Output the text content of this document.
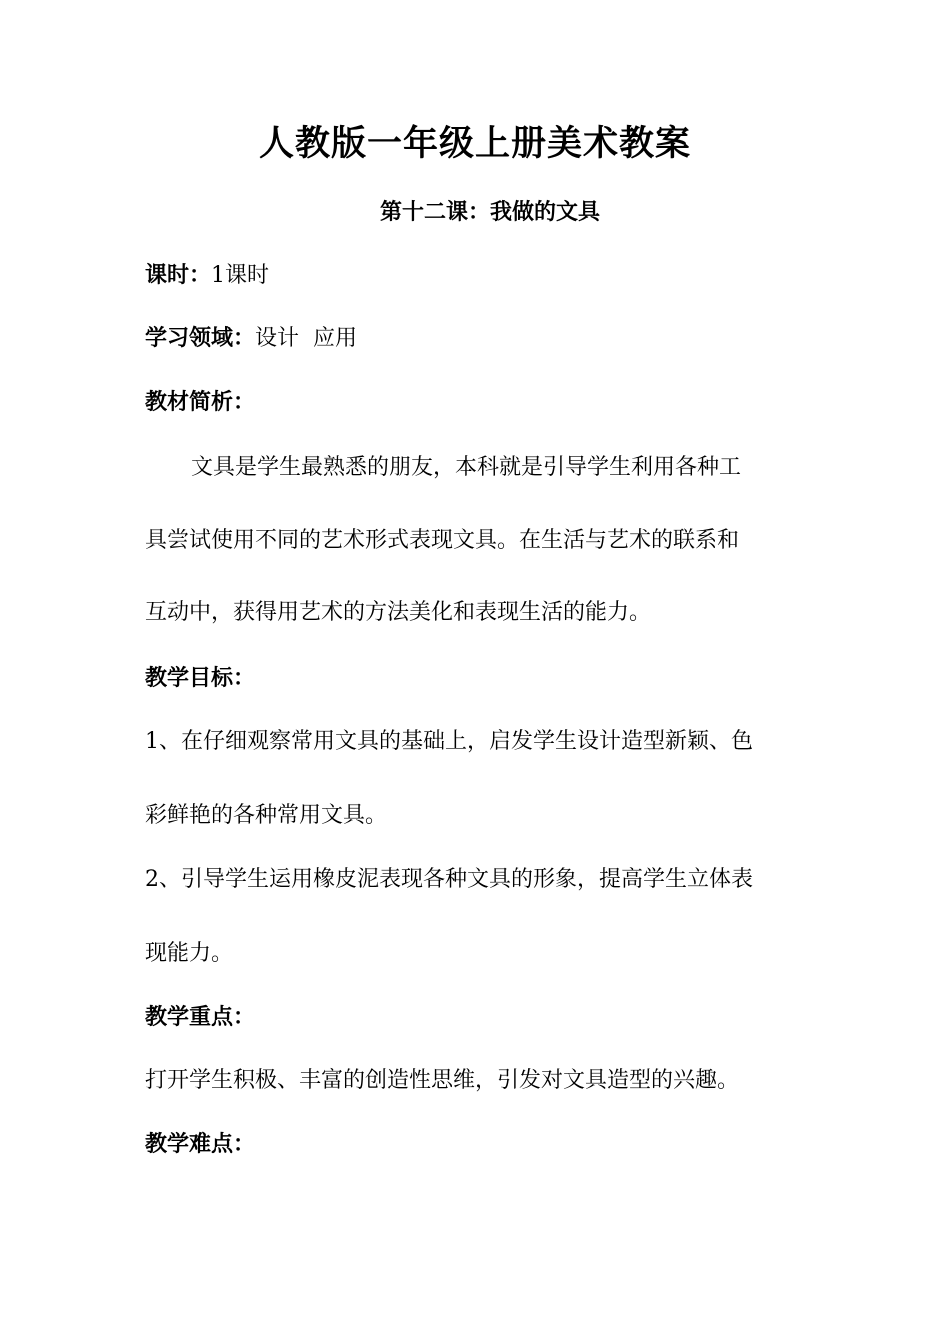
人教版一年级上册美术教案
第十二课：我做的文具
课时：1课时
学习领域：设计  应用
教材简析：
文具是学生最熟悉的朋友，本科就是引导学生利用各种工
具尝试使用不同的艺术形式表现文具。在生活与艺术的联系和
互动中，获得用艺术的方法美化和表现生活的能力。
教学目标：
1、在仔细观察常用文具的基础上，启发学生设计造型新颖、色
彩鲜艳的各种常用文具。
2、引导学生运用橡皮泥表现各种文具的形象，提高学生立体表
现能力。
教学重点：
打开学生积极、丰富的创造性思维，引发对文具造型的兴趣。
教学难点：
